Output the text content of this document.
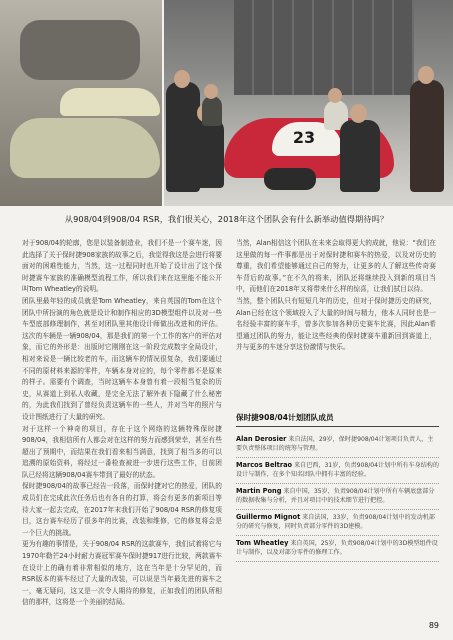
23
从908/04到908/04 RSR，我们很关心，2018年这个团队会有什么新举动值得期待吗？

对于908/04的轮廓，您是以装备制造业，我们不是一个赛车迷，因此选择了关于保时捷908家族的故事之后，我觉得我这是会进行将要面对的困难性能力，当然，这一过程同时也开始了设计出了这个保时捷赛车家族的准确模型流程工作，所以我们来在这里能不能公开叫Tom Wheatley的说明。

团队里最年轻的成员就是Tom Wheatley，来自英国的Tom在这个团队中所扮演的角色就是设计和制作相应的3D模型组件以及对一些车型底部修理制作，甚至对团队里其他设计师做出改进和的评估。这次的车辆是一辆908/04，那是我们的第一个工作的客户的评估对象，而它的外形是：出版时它刚刚在这一阶段完成数字全局设计，相对来说是一辆比较老的车，而这辆车的情况很复杂，我们要通过不同的原材料来源的零件，车辆本身对应的，每个零件都不是原来的样子。需要有个调查，当时这辆车本身曾有着一段相当复杂的历史，从赛道上到私人收藏，是完全无法了解外表下隐藏了什么秘密的，为此我们找到了曾经负责这辆车的一些人，并对当年的照片与设计图纸进行了大量的研究。

对于这样一个神奇的项目，存在于这个网络的这辆特殊保时捷908/04，我相信所有人都会对在这样的努力而感到荣幸，甚至有些超出了预期中，而结果在我们看来相当满意，找到了相当多的可以追溯的原始资料，将经过一番检查被进一步进行这些工作，目前团队已经将这辆908/04赛车带到了最好的状态。

保时捷908/04的故事已经告一段落，而保时捷对它的热爱，团队的成员们在完成此次任务后也有各自的打算，将会有更多的新项目等待大家一起去完成，在2017年末我们开始了908/04 RSR的修复项目，这台赛车经历了很多年的比赛，改装和维修，它的修复将会是一个巨大的挑战。

更为有趣的事情是，关于908/04 RSR的这款赛车，我们试着将它与1970年勒芒24小时耐力赛冠军赛车保时捷917进行比较，两款赛车在设计上的确有着非常相似的地方，这在当年是十分罕见的，而RSR版本的赛车经过了大量的改装，可以说是当年最先进的赛车之一，毫无疑问，这又是一次令人期待的修复，正如我们的团队所相信的那样，这将是一个美丽的结局。

当然，Alan相信这个团队在未来会取得更大的成就，他说：“我们在这里做的每一件事都是出于对保时捷和赛车的热爱，以及对历史的尊重，我们希望能够通过自己的努力，让更多的人了解这些传奇赛车背后的故事。”在不久的将来，团队还将继续投入到新的项目当中，而他们在2018年又将带来什么样的惊喜，让我们拭目以待。

当然，整个团队只有短短几年的历史，但对于保时捷历史的研究，Alan已经在这个领域投入了大量的时间与精力，他本人同时也是一名经验丰富的赛车手，曾多次参加各种历史赛车比赛，因此Alan希望通过团队的努力，能让这些经典的保时捷赛车重新回到赛道上，并与更多的车迷分享这份激情与快乐。

保时捷908/04计划团队成员
Alan Derosier 来自法国，29岁，保时捷908/04计划项目负责人，主要负责整体项目的统筹与管理。
Marcos Beltrao 来自巴西，31岁，负责908/04计划中所有车身结构的设计与制作，在多个知名团队中拥有丰富的经验。
Martin Pong 来自中国，35岁，负责908/04计划中所有车辆底盘部分的数据收集与分析，并且对项目中的技术细节进行把控。
Guillermo Mignot 来自法国，33岁，负责908/04计划中的发动机部分的研究与修复，同时负责部分零件的3D建模。
Tom Wheatley 来自英国，25岁，负责908/04计划中的3D模型组件设计与制作，以及对部分零件的修理工作。
89
